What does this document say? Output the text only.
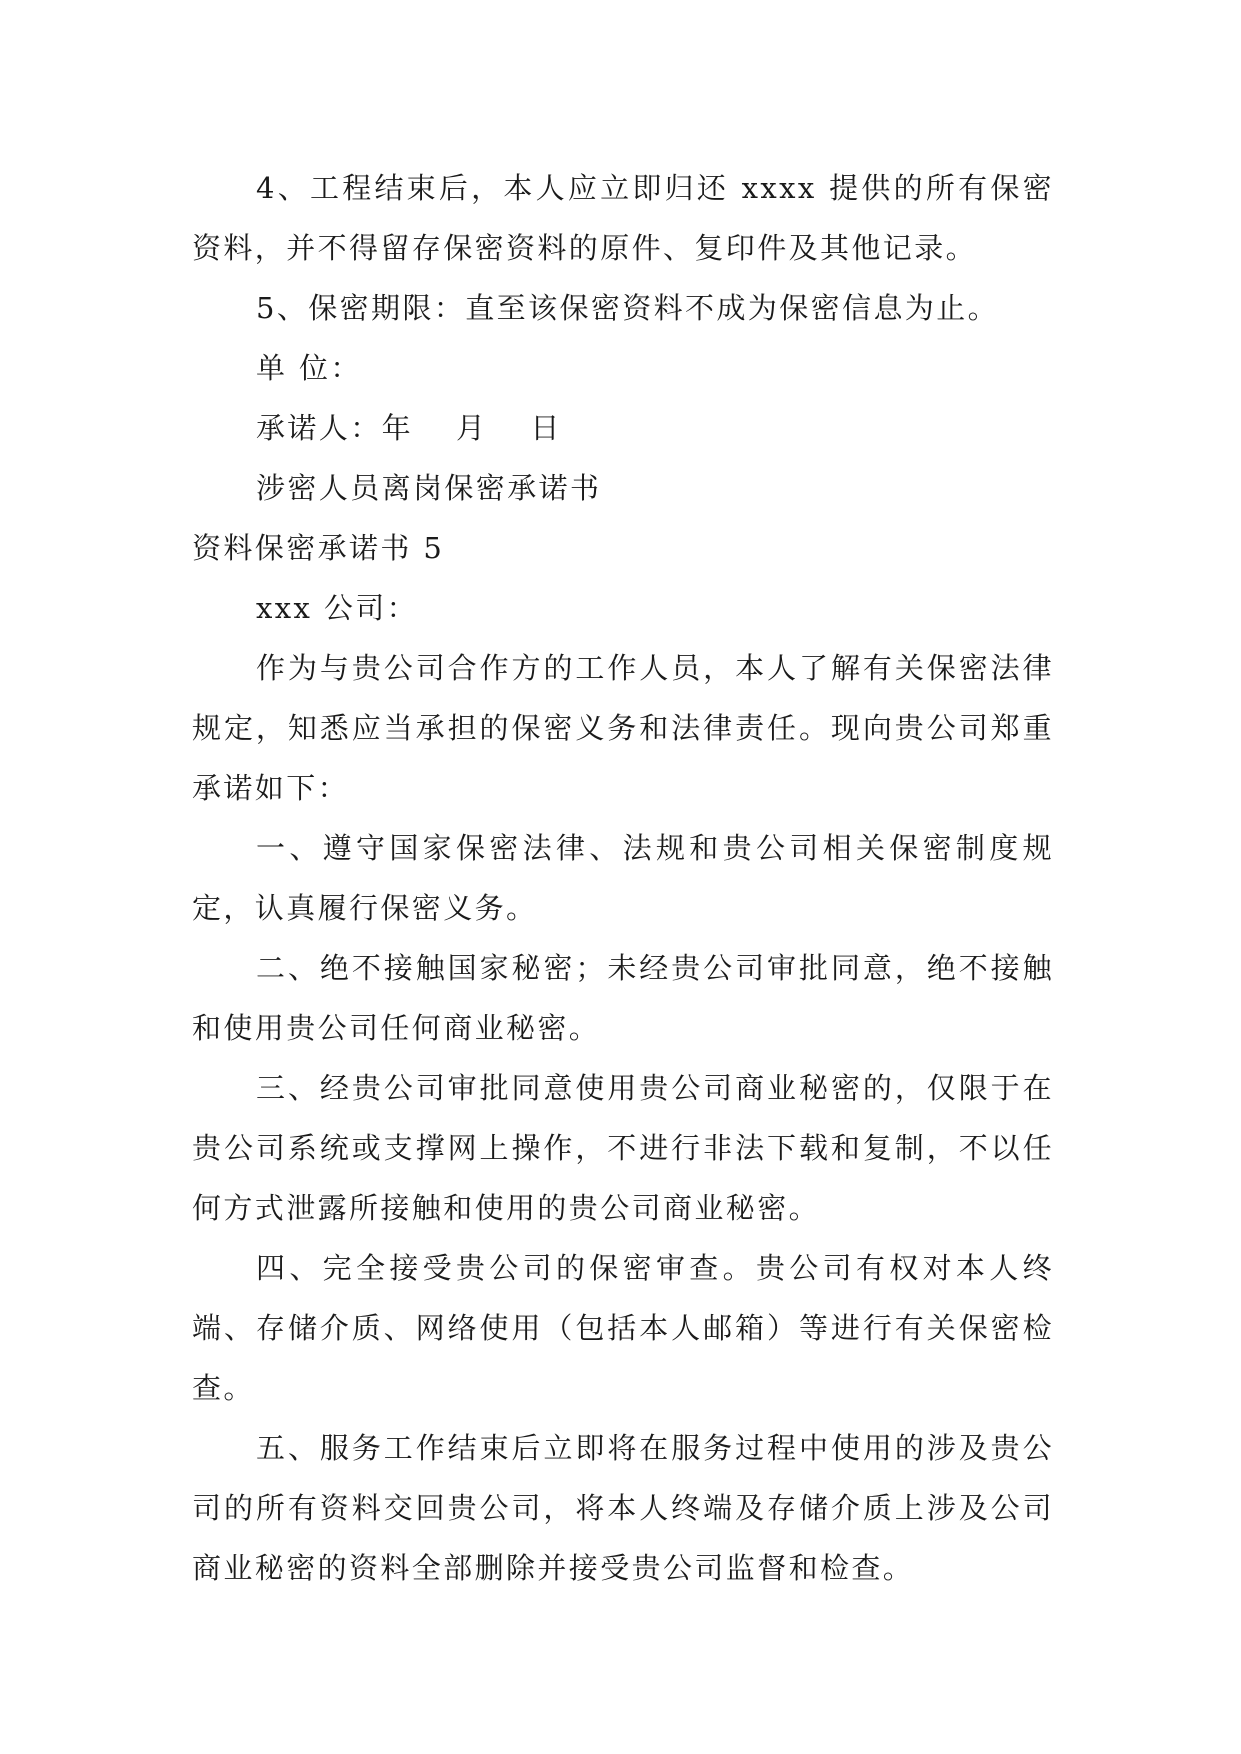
4、工程结束后，本人应立即归还 xxxx 提供的所有保密资料，并不得留存保密资料的原件、复印件及其他记录。

5、保密期限：直至该保密资料不成为保密信息为止。

单 位：

承诺人：年　 月　 日

涉密人员离岗保密承诺书

资料保密承诺书 5

xxx 公司：

作为与贵公司合作方的工作人员，本人了解有关保密法律规定，知悉应当承担的保密义务和法律责任。现向贵公司郑重承诺如下：

一、遵守国家保密法律、法规和贵公司相关保密制度规定，认真履行保密义务。

二、绝不接触国家秘密；未经贵公司审批同意，绝不接触和使用贵公司任何商业秘密。

三、经贵公司审批同意使用贵公司商业秘密的，仅限于在贵公司系统或支撑网上操作，不进行非法下载和复制，不以任何方式泄露所接触和使用的贵公司商业秘密。

四、完全接受贵公司的保密审查。贵公司有权对本人终端、存储介质、网络使用（包括本人邮箱）等进行有关保密检查。

五、服务工作结束后立即将在服务过程中使用的涉及贵公司的所有资料交回贵公司，将本人终端及存储介质上涉及公司商业秘密的资料全部删除并接受贵公司监督和检查。
